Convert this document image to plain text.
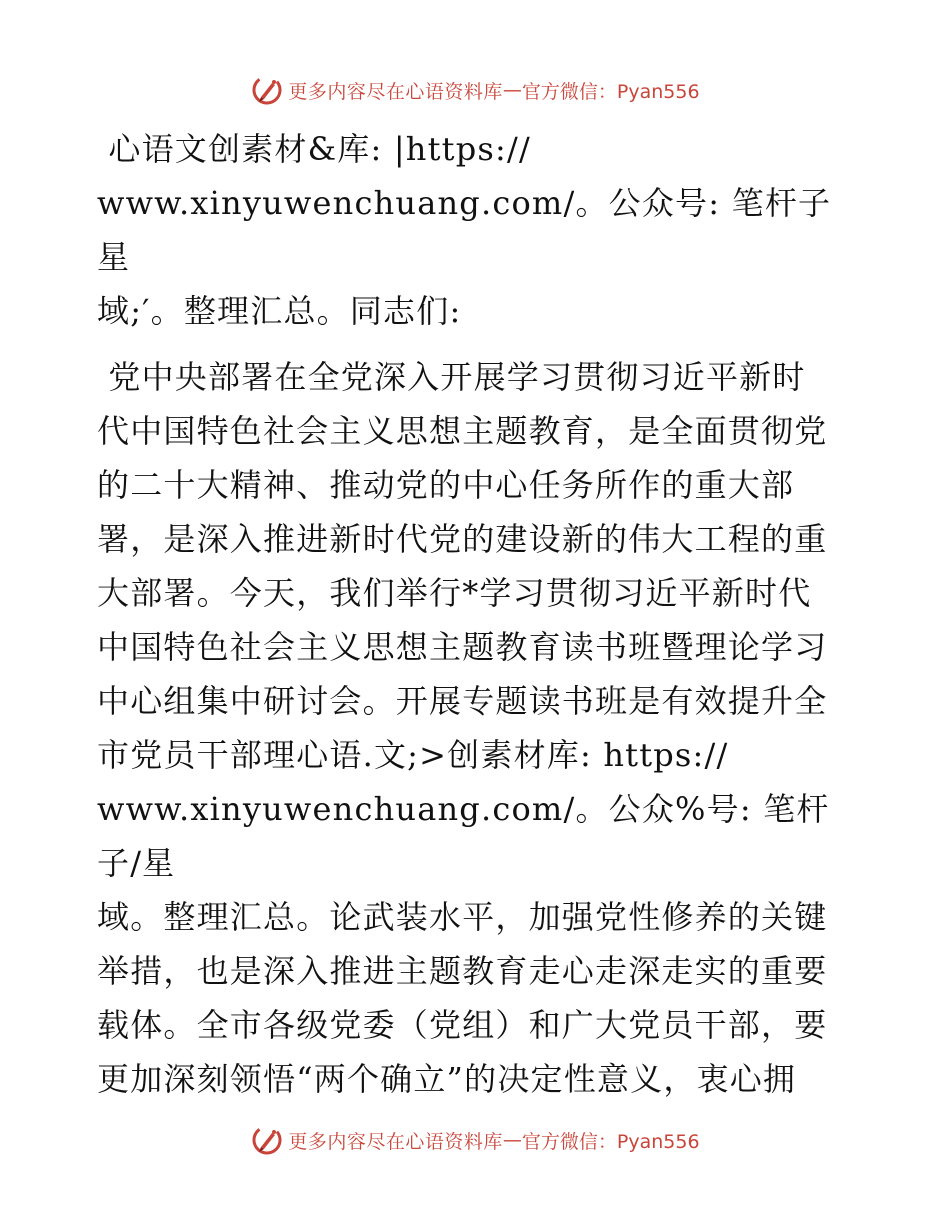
更多内容尽在心语资料库 — 官方微信：Pyan556

心语文创素材&库: |https://
www.xinyuwenchuang.com/。公众号: 笔杆子星
域;′。整理汇总。同志们:

党中央部署在全党深入开展学习贯彻习近平新时
代中国特色社会主义思想主题教育，是全面贯彻党
的二十大精神、推动党的中心任务所作的重大部
署，是深入推进新时代党的建设新的伟大工程的重
大部署。今天，我们举行*学习贯彻习近平新时代
中国特色社会主义思想主题教育读书班暨理论学习
中心组集中研讨会。开展专题读书班是有效提升全
市党员干部理心语.文;>创素材库: https://
www.xinyuwenchuang.com/。公众%号: 笔杆子/星
域。整理汇总。论武装水平，加强党性修养的关键
举措，也是深入推进主题教育走心走深走实的重要
载体。全市各级党委（党组）和广大党员干部，要
更加深刻领悟“两个确立”的决定性意义，衷心拥

更多内容尽在心语资料库 — 官方微信：Pyan556
